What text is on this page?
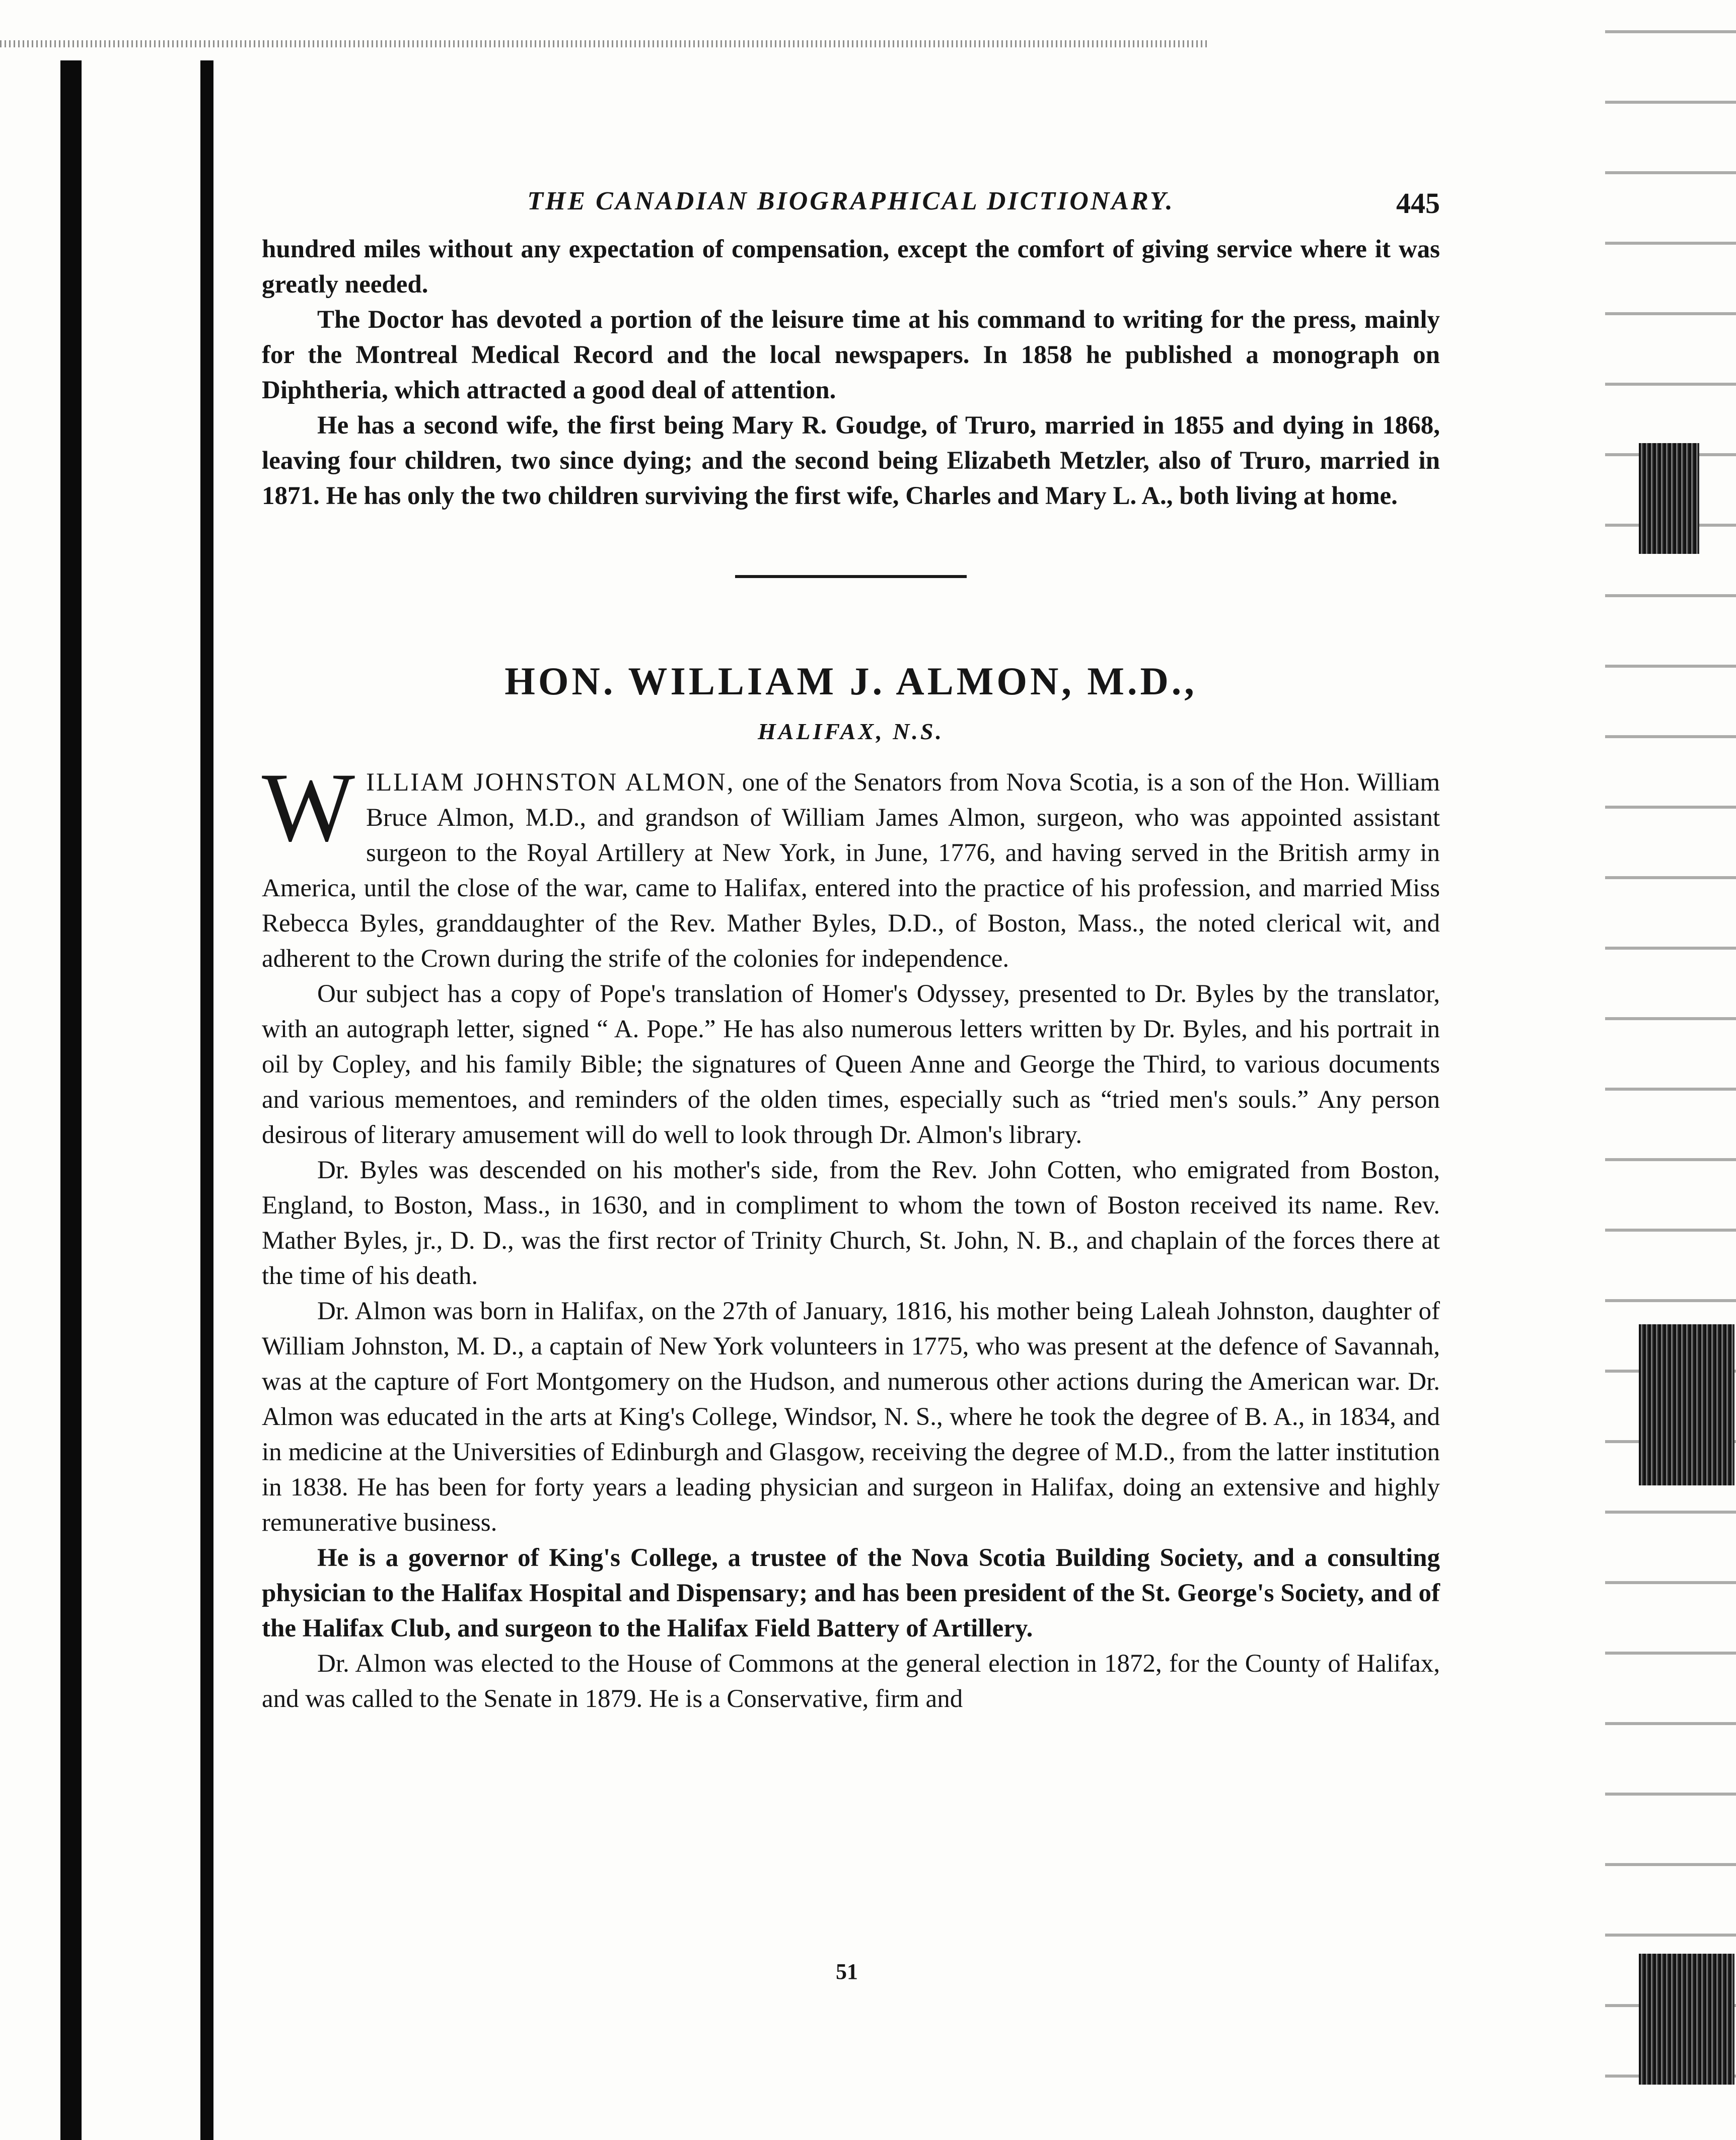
THE CANADIAN BIOGRAPHICAL DICTIONARY.	445

hundred miles without any expectation of compensation, except the comfort of giving service where it was greatly needed.

The Doctor has devoted a portion of the leisure time at his command to writing for the press, mainly for the Montreal Medical Record and the local newspapers. In 1858 he published a monograph on Diphtheria, which attracted a good deal of attention.

He has a second wife, the first being Mary R. Goudge, of Truro, married in 1855 and dying in 1868, leaving four children, two since dying; and the second being Elizabeth Metzler, also of Truro, married in 1871. He has only the two children surviving the first wife, Charles and Mary L. A., both living at home.

HON. WILLIAM J. ALMON, M.D.,
HALIFAX, N.S.
W ILLIAM JOHNSTON ALMON, one of the Senators from Nova Scotia, is a son of the Hon. William Bruce Almon, M.D., and grandson of William James Almon, surgeon, who was appointed assistant surgeon to the Royal Artillery at New York, in June, 1776, and having served in the British army in America, until the close of the war, came to Halifax, entered into the practice of his profession, and married Miss Rebecca Byles, granddaughter of the Rev. Mather Byles, D.D., of Boston, Mass., the noted clerical wit, and adherent to the Crown during the strife of the colonies for independence.

Our subject has a copy of Pope's translation of Homer's Odyssey, presented to Dr. Byles by the translator, with an autograph letter, signed “ A. Pope.” He has also numerous letters written by Dr. Byles, and his portrait in oil by Copley, and his family Bible; the signatures of Queen Anne and George the Third, to various documents and various mementoes, and reminders of the olden times, especially such as “tried men's souls.” Any person desirous of literary amusement will do well to look through Dr. Almon's library.

Dr. Byles was descended on his mother's side, from the Rev. John Cotten, who emigrated from Boston, England, to Boston, Mass., in 1630, and in compliment to whom the town of Boston received its name. Rev. Mather Byles, jr., D. D., was the first rector of Trinity Church, St. John, N. B., and chaplain of the forces there at the time of his death.

Dr. Almon was born in Halifax, on the 27th of January, 1816, his mother being Laleah Johnston, daughter of William Johnston, M. D., a captain of New York volunteers in 1775, who was present at the defence of Savannah, was at the capture of Fort Montgomery on the Hudson, and numerous other actions during the American war. Dr. Almon was educated in the arts at King's College, Windsor, N. S., where he took the degree of B. A., in 1834, and in medicine at the Universities of Edinburgh and Glasgow, receiving the degree of M.D., from the latter institution in 1838. He has been for forty years a leading physician and surgeon in Halifax, doing an extensive and highly remunerative business.

He is a governor of King's College, a trustee of the Nova Scotia Building Society, and a consulting physician to the Halifax Hospital and Dispensary; and has been president of the St. George's Society, and of the Halifax Club, and surgeon to the Halifax Field Battery of Artillery.

Dr. Almon was elected to the House of Commons at the general election in 1872, for the County of Halifax, and was called to the Senate in 1879. He is a Conservative, firm and

51
